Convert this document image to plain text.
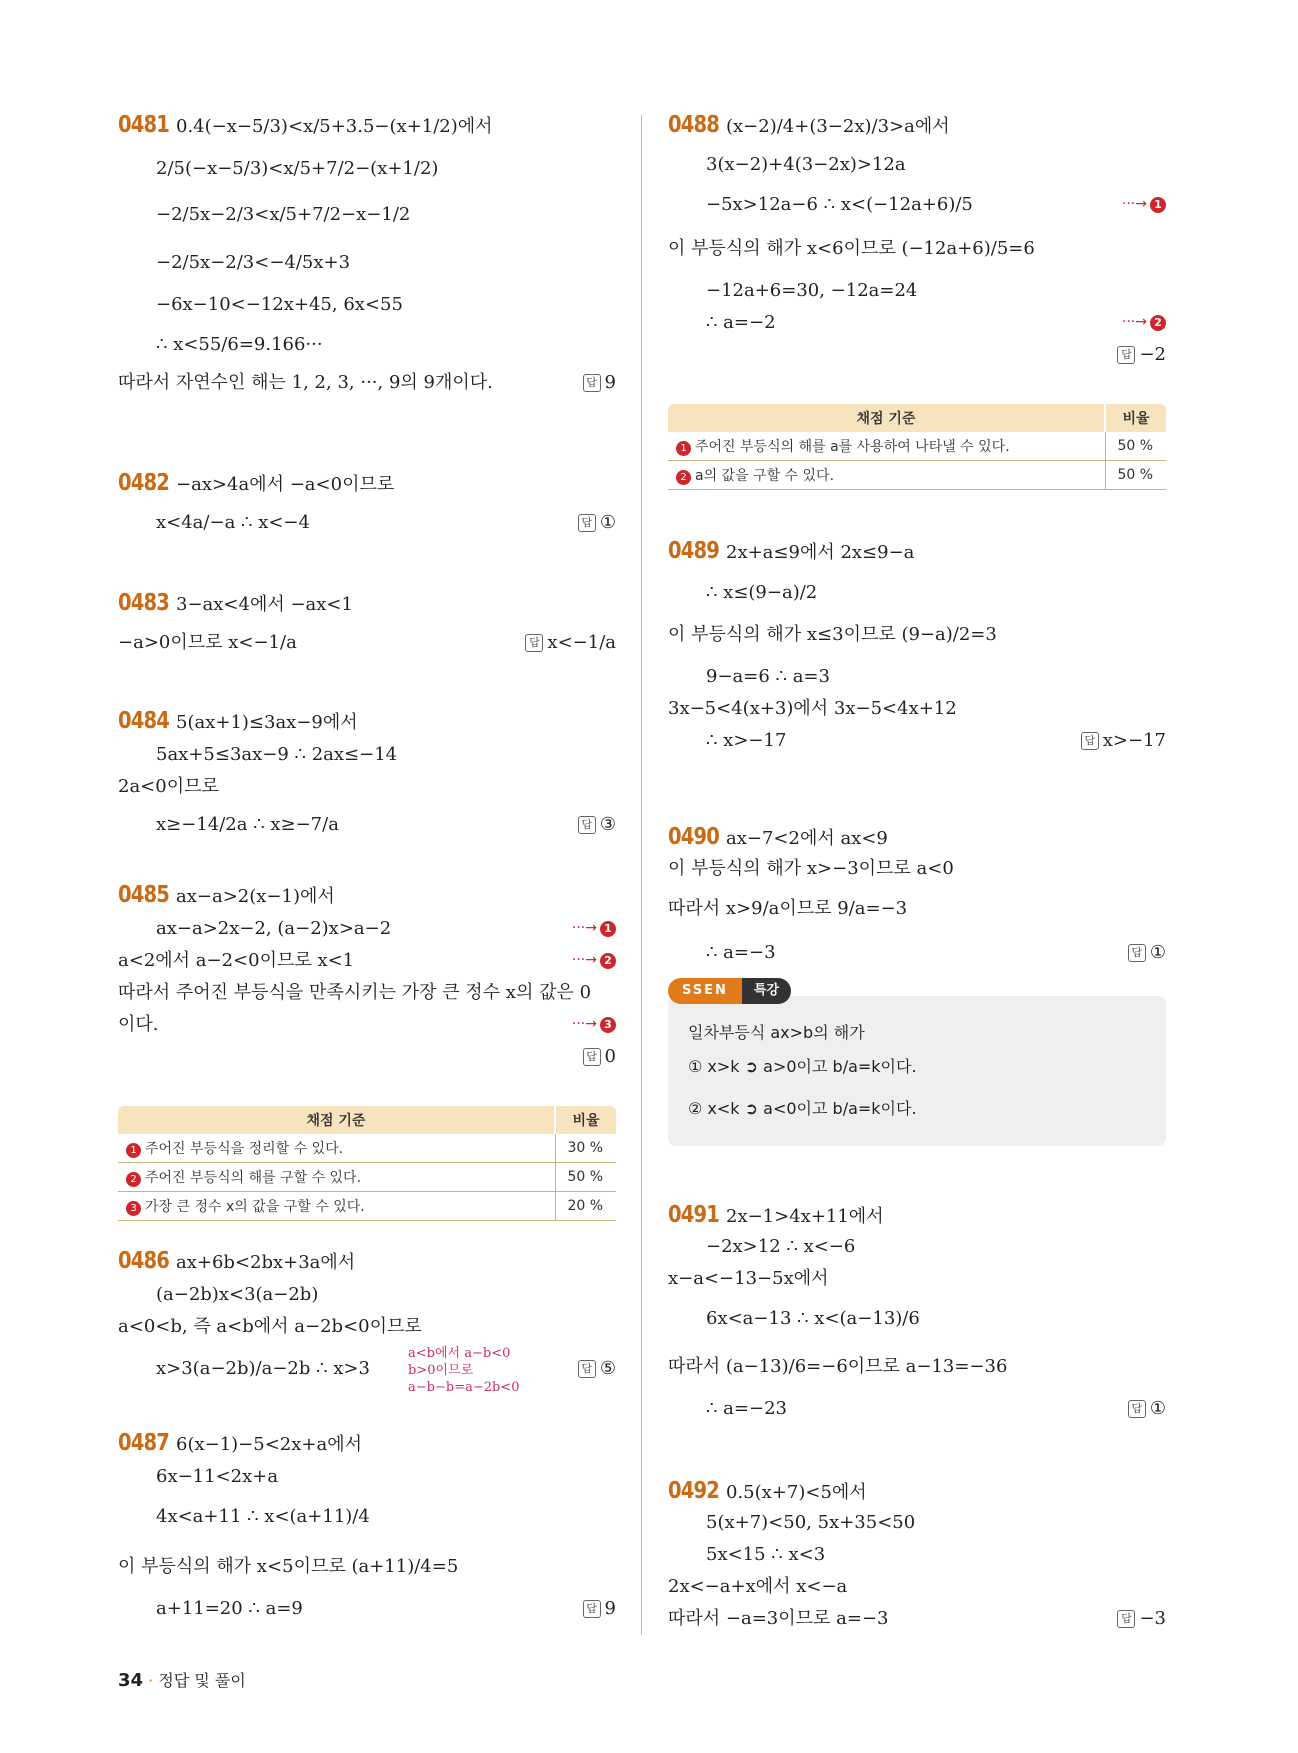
0481 0.4(−x−5/3)<x/5+3.5−(x+1/2)에서
2/5(−x−5/3)<x/5+7/2−(x+1/2)
−2/5x−2/3<x/5+7/2−x−1/2
−2/5x−2/3<−4/5x+3
−6x−10<−12x+45, 6x<55
∴ x<55/6=9.166···
따라서 자연수인 해는 1, 2, 3, ···, 9의 9개이다.	답 9
0482 −ax>4a에서 −a<0이므로
x<4a/−a ∴ x<−4	답 ①
0483 3−ax<4에서 −ax<1
−a>0이므로 x<−1/a	답 x<−1/a
0484 5(ax+1)≤3ax−9에서
5ax+5≤3ax−9 ∴ 2ax≤−14
2a<0이므로
x≥−14/2a ∴ x≥−7/a	답 ③
0485 ax−a>2(x−1)에서
ax−a>2x−2, (a−2)x>a−2
a<2에서 a−2<0이므로 x<1
따라서 주어진 부등식을 만족시키는 가장 큰 정수 x의 값은 0
이다.
···→ 1
···→ 2
···→ 3
답 0
0486 ax+6b<2bx+3a에서
(a−2b)x<3(a−2b)
a<0<b, 즉 a<b에서 a−2b<0이므로
x>3(a−2b)/a−2b ∴ x>3	답 ⑤
0487 6(x−1)−5<2x+a에서
6x−11<2x+a
4x<a+11 ∴ x<(a+11)/4
이 부등식의 해가 x<5이므로 (a+11)/4=5
a+11=20 ∴ a=9	답 9
채점 기준	비율
1 주어진 부등식을 정리할 수 있다.	30 %
2 주어진 부등식의 해를 구할 수 있다.	50 %
3 가장 큰 정수 x의 값을 구할 수 있다.	20 %
a<b에서 a−b<0
b>0이므로
a−b−b=a−2b<0
0488 (x−2)/4+(3−2x)/3>a에서
3(x−2)+4(3−2x)>12a
−5x>12a−6 ∴ x<(−12a+6)/5
이 부등식의 해가 x<6이므로 (−12a+6)/5=6
−12a+6=30, −12a=24
∴ a=−2
···→ 1
···→ 2
답 −2
0489 2x+a≤9에서 2x≤9−a
∴ x≤(9−a)/2
이 부등식의 해가 x≤3이므로 (9−a)/2=3
9−a=6 ∴ a=3
3x−5<4(x+3)에서 3x−5<4x+12
∴ x>−17	답 x>−17
0490 ax−7<2에서 ax<9
이 부등식의 해가 x>−3이므로 a<0
따라서 x>9/a이므로 9/a=−3
∴ a=−3	답 ①
0491 2x−1>4x+11에서
−2x>12 ∴ x<−6
x−a<−13−5x에서
6x<a−13 ∴ x<(a−13)/6
따라서 (a−13)/6=−6이므로 a−13=−36
∴ a=−23	답 ①
0492 0.5(x+7)<5에서
5(x+7)<50, 5x+35<50
5x<15 ∴ x<3
2x<−a+x에서 x<−a
따라서 −a=3이므로 a=−3	답 −3
채점 기준	비율
1 주어진 부등식의 해를 a를 사용하여 나타낼 수 있다.	50 %
2 a의 값을 구할 수 있다.	50 %
SSEN 특강
일차부등식 ax>b의 해가
① x>k ➲ a>0이고 b/a=k이다.
② x<k ➲ a<0이고 b/a=k이다.
34 · 정답 및 풀이
